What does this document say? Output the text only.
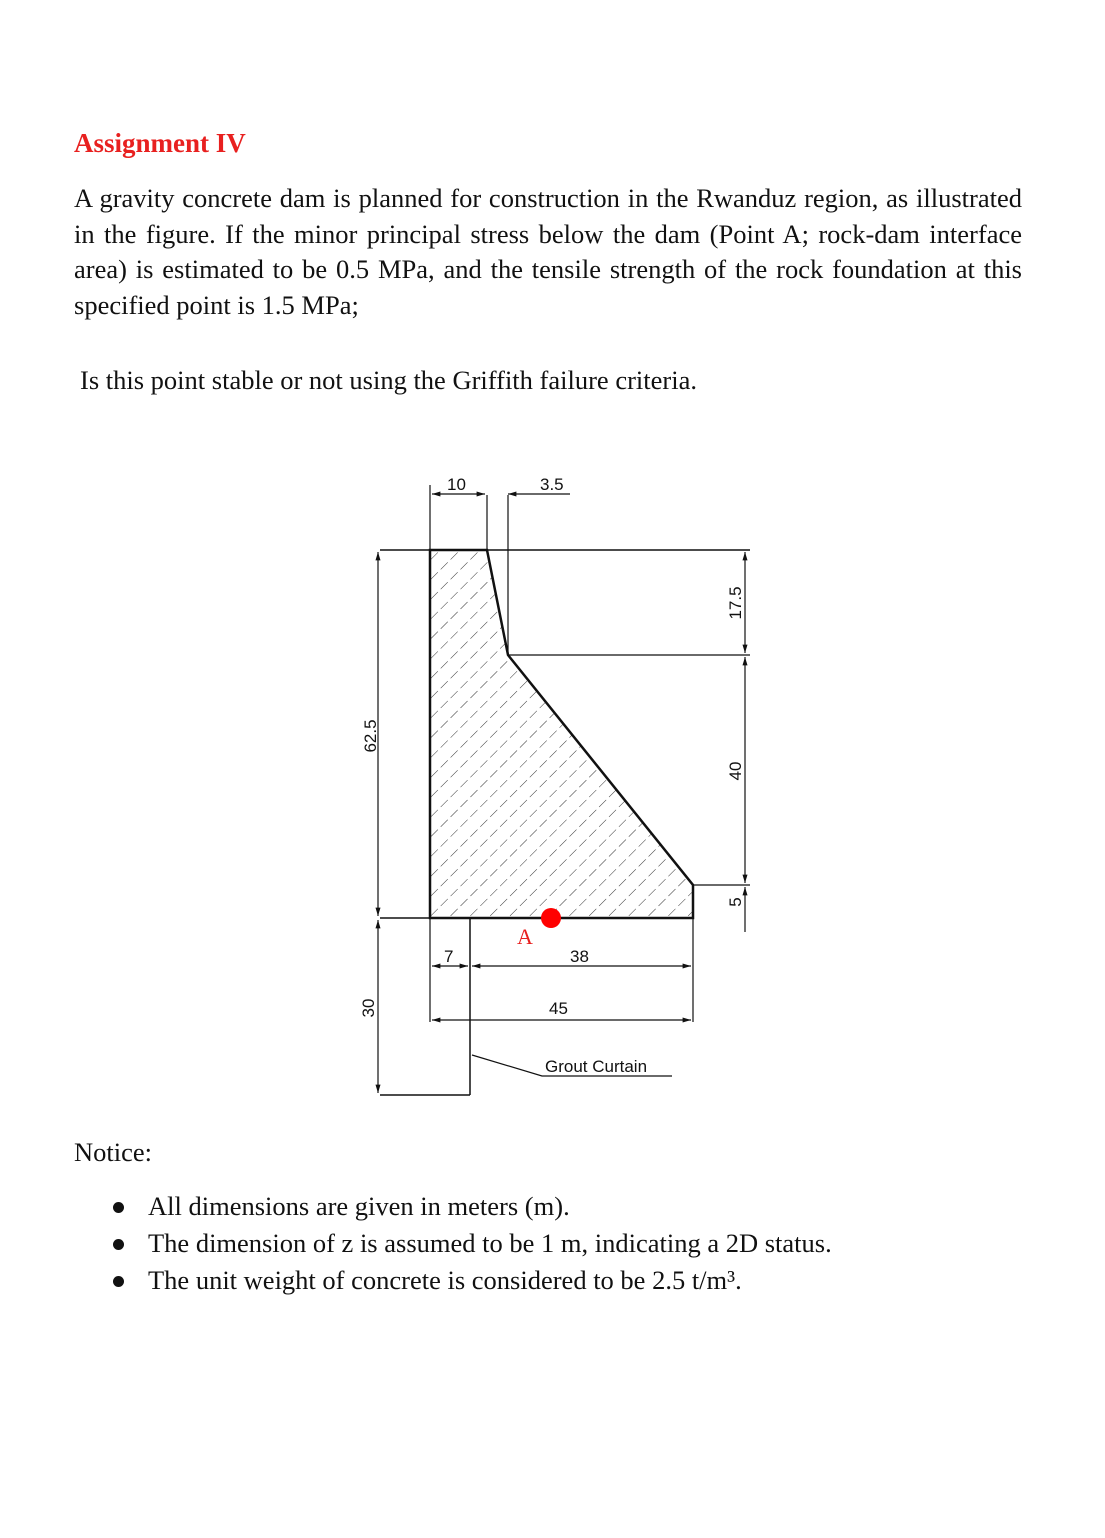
Assignment IV

A gravity concrete dam is planned for construction in the Rwanduz region, as illustrated in the figure. If the minor principal stress below the dam (Point A; rock-dam interface area) is estimated to be 0.5 MPa, and the tensile strength of the rock foundation at this specified point is 1.5 MPa;

Is this point stable or not using the Griffith failure criteria.

10	3.5
62.5
30
17.5
40
5
Grout Curtain
7	38
45
A

Notice:

All dimensions are given in meters (m).
The dimension of z is assumed to be 1 m, indicating a 2D status.
The unit weight of concrete is considered to be 2.5 t/m³.
